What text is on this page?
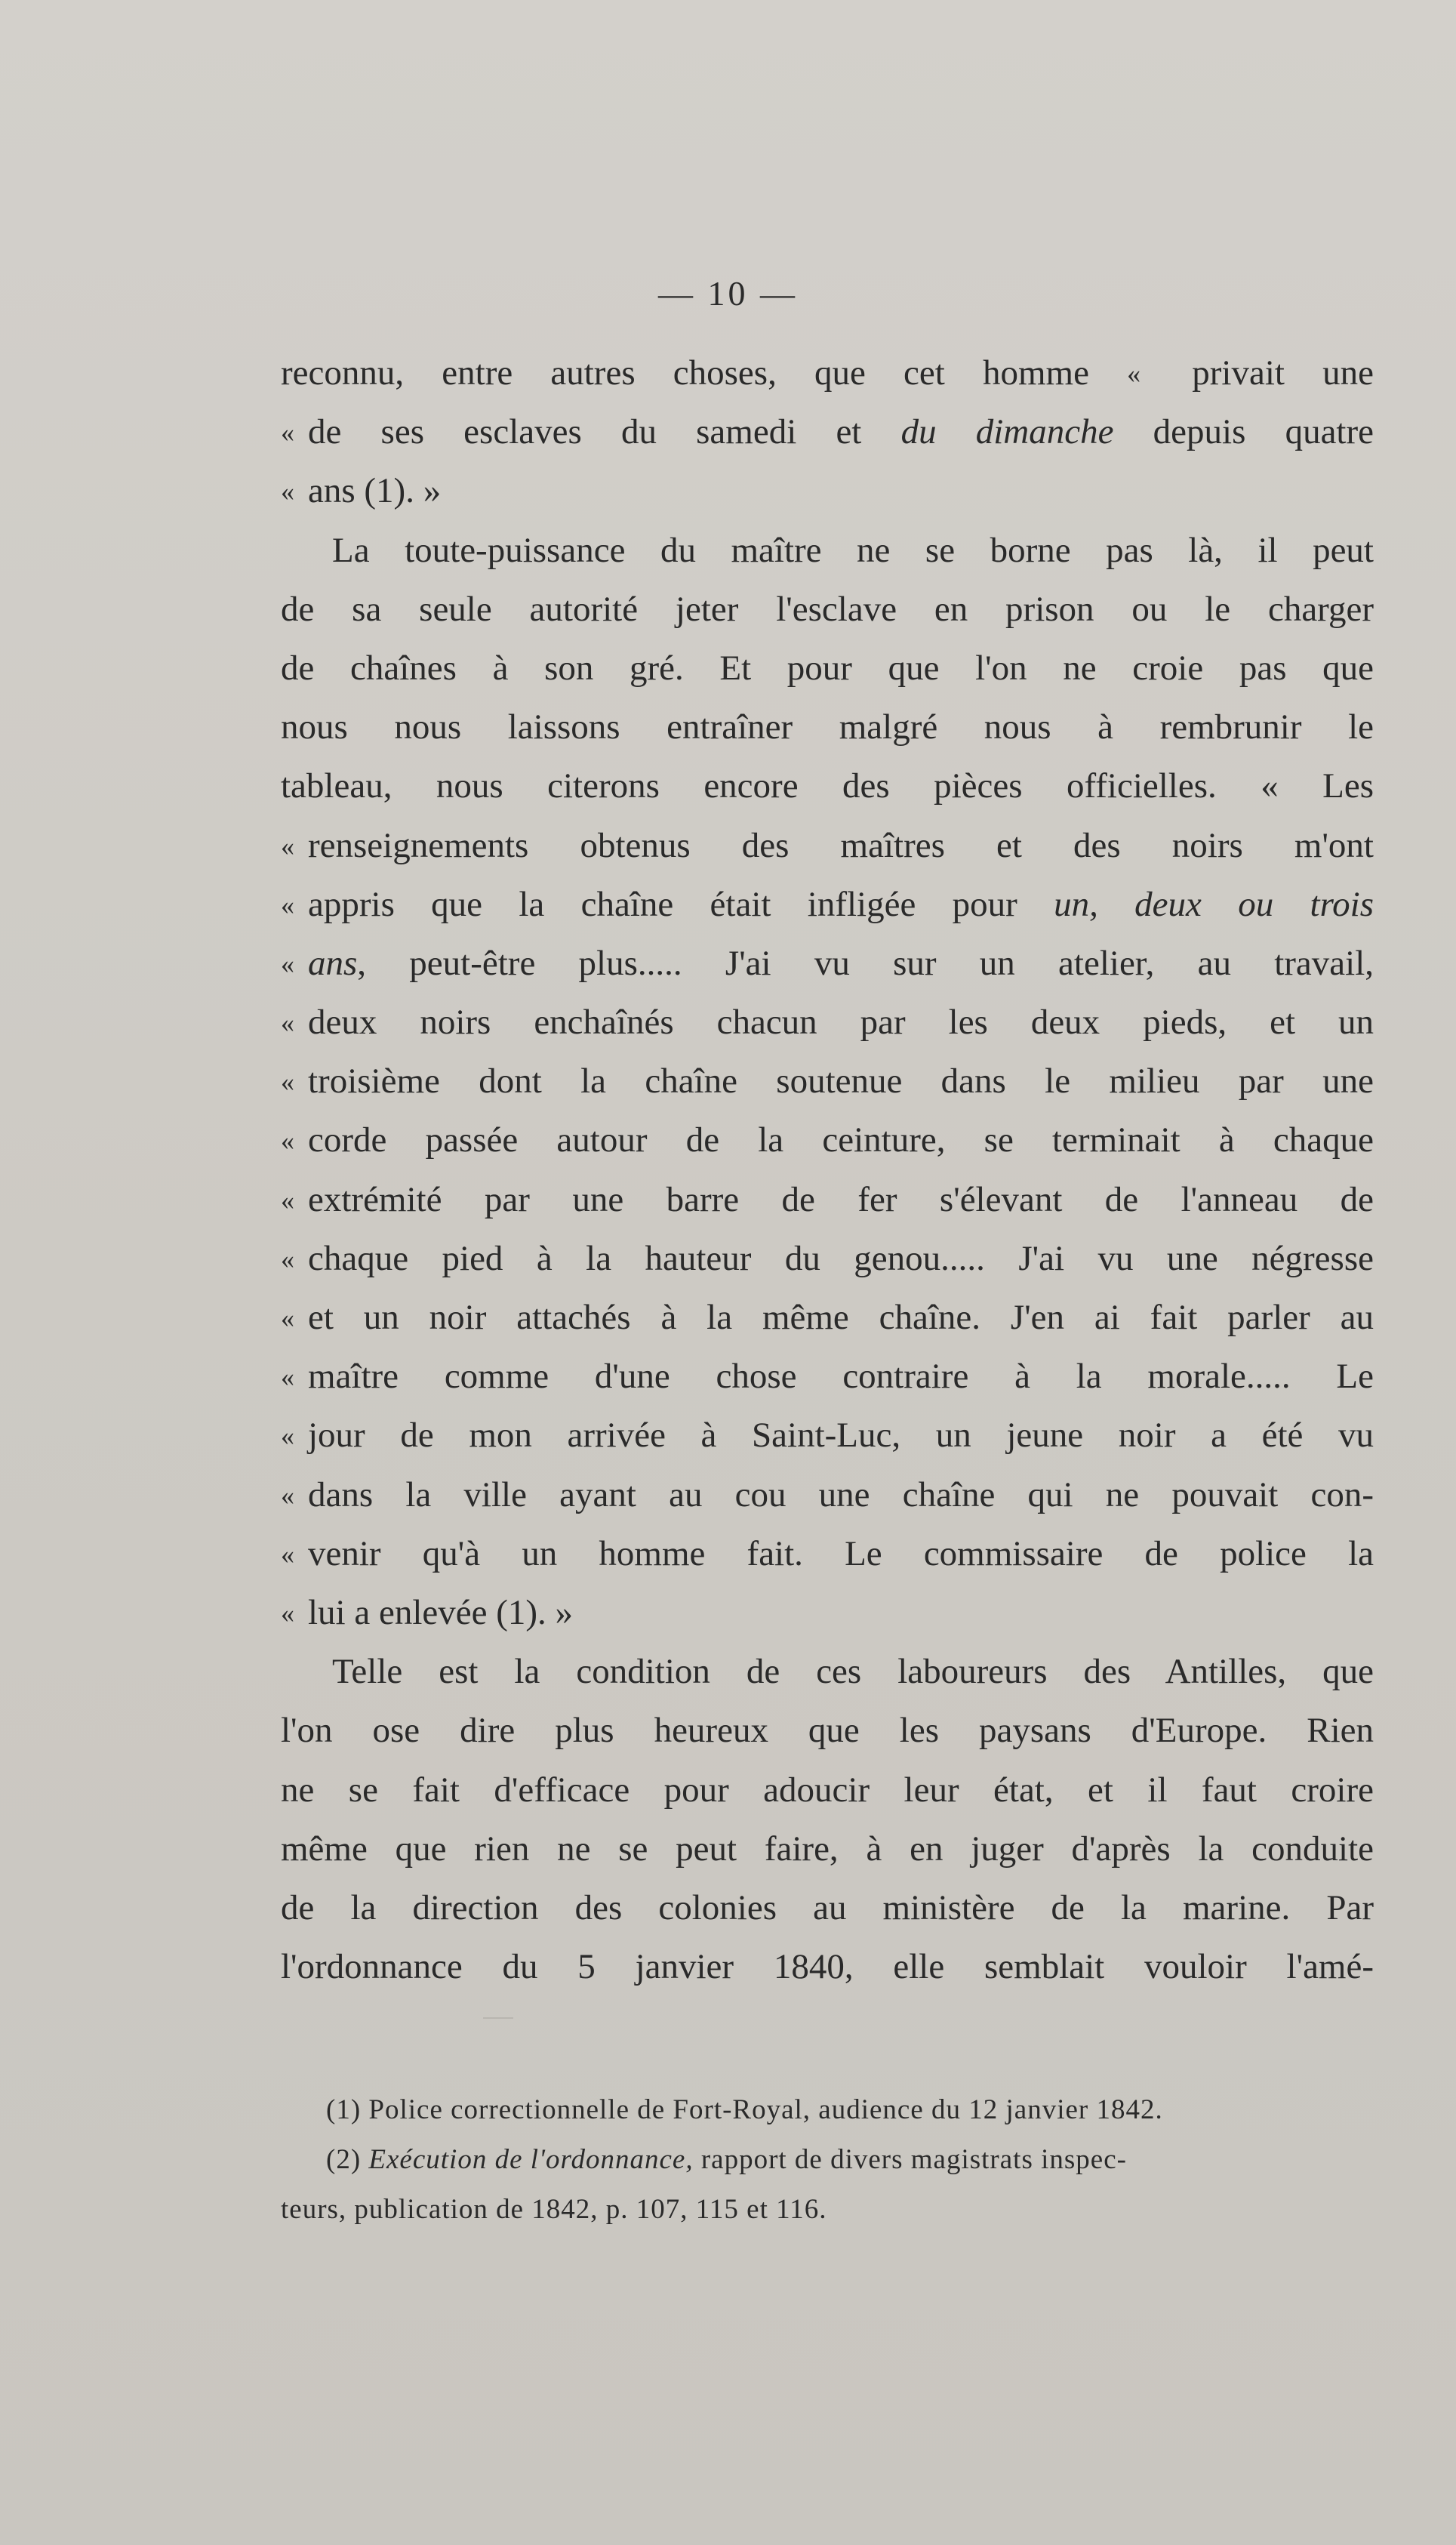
— 10 —
reconnu, entre autres choses, que cet homme « privait une
« de ses esclaves du samedi et du dimanche depuis quatre
« ans (1). »
La toute-puissance du maître ne se borne pas là, il peut
de sa seule autorité jeter l'esclave en prison ou le charger
de chaînes à son gré. Et pour que l'on ne croie pas que
nous nous laissons entraîner malgré nous à rembrunir le
tableau, nous citerons encore des pièces officielles. « Les
« renseignements obtenus des maîtres et des noirs m'ont
« appris que la chaîne était infligée pour un, deux ou trois
« ans, peut-être plus..... J'ai vu sur un atelier, au travail,
« deux noirs enchaînés chacun par les deux pieds, et un
« troisième dont la chaîne soutenue dans le milieu par une
« corde passée autour de la ceinture, se terminait à chaque
« extrémité par une barre de fer s'élevant de l'anneau de
« chaque pied à la hauteur du genou..... J'ai vu une négresse
« et un noir attachés à la même chaîne. J'en ai fait parler au
« maître comme d'une chose contraire à la morale..... Le
« jour de mon arrivée à Saint-Luc, un jeune noir a été vu
« dans la ville ayant au cou une chaîne qui ne pouvait con-
« venir qu'à un homme fait. Le commissaire de police la
« lui a enlevée (1). »
Telle est la condition de ces laboureurs des Antilles, que
l'on ose dire plus heureux que les paysans d'Europe. Rien
ne se fait d'efficace pour adoucir leur état, et il faut croire
même que rien ne se peut faire, à en juger d'après la conduite
de la direction des colonies au ministère de la marine. Par
l'ordonnance du 5 janvier 1840, elle semblait vouloir l'amé-
(1) Police correctionnelle de Fort-Royal, audience du 12 janvier 1842.
(2) Exécution de l'ordonnance, rapport de divers magistrats inspec-
teurs, publication de 1842, p. 107, 115 et 116.
